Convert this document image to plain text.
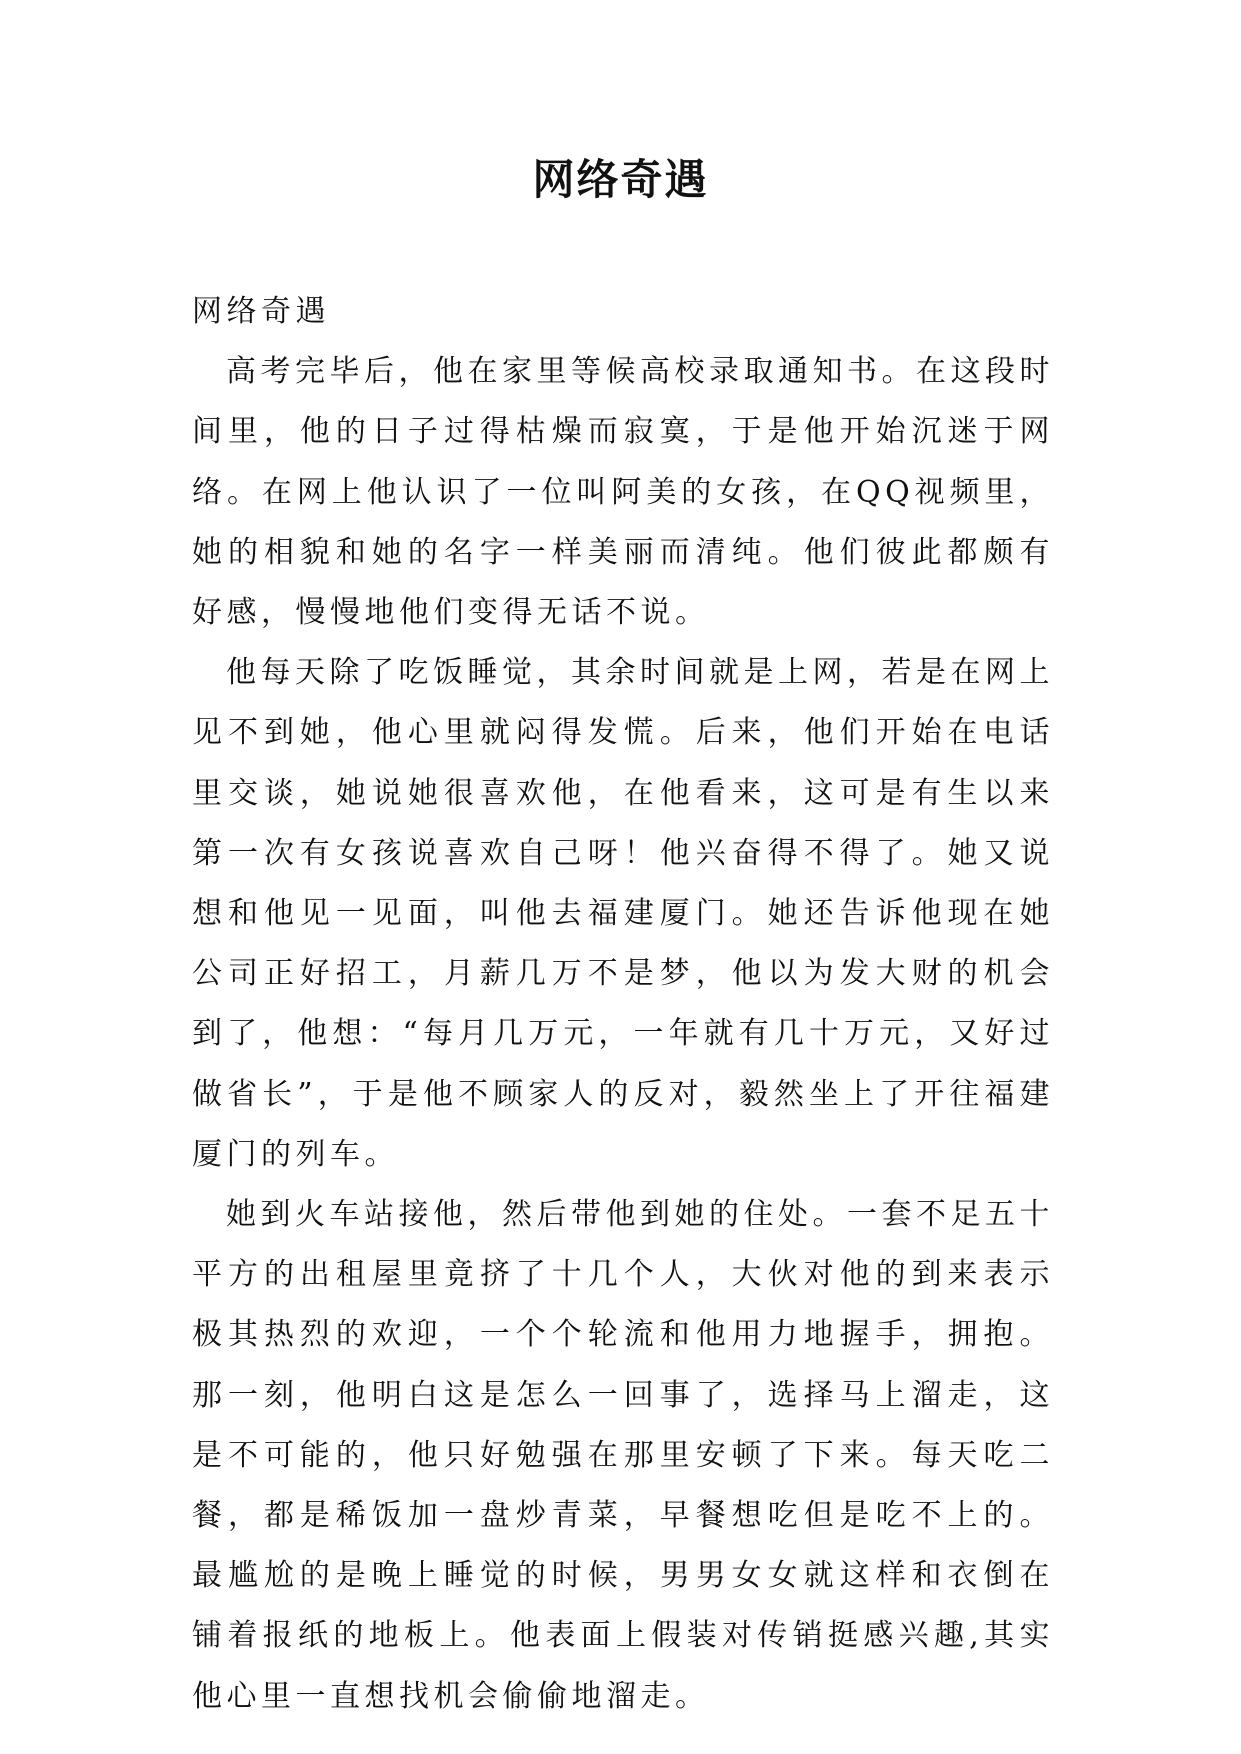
网络奇遇

网络奇遇

高考完毕后，他在家里等候高校录取通知书。在这段时间里，他的日子过得枯燥而寂寞，于是他开始沉迷于网络。在网上他认识了一位叫阿美的女孩，在QQ视频里，她的相貌和她的名字一样美丽而清纯。他们彼此都颇有好感，慢慢地他们变得无话不说。

他每天除了吃饭睡觉，其余时间就是上网，若是在网上见不到她，他心里就闷得发慌。后来，他们开始在电话里交谈，她说她很喜欢他，在他看来，这可是有生以来第一次有女孩说喜欢自己呀！他兴奋得不得了。她又说想和他见一见面，叫他去福建厦门。她还告诉他现在她公司正好招工，月薪几万不是梦，他以为发大财的机会到了，他想：“每月几万元，一年就有几十万元，又好过做省长”，于是他不顾家人的反对，毅然坐上了开往福建厦门的列车。

她到火车站接他，然后带他到她的住处。一套不足五十平方的出租屋里竟挤了十几个人，大伙对他的到来表示极其热烈的欢迎，一个个轮流和他用力地握手，拥抱。那一刻，他明白这是怎么一回事了，选择马上溜走，这是不可能的，他只好勉强在那里安顿了下来。每天吃二餐，都是稀饭加一盘炒青菜，早餐想吃但是吃不上的。最尴尬的是晚上睡觉的时候，男男女女就这样和衣倒在铺着报纸的地板上。他表面上假装对传销挺感兴趣,其实他心里一直想找机会偷偷地溜走。
